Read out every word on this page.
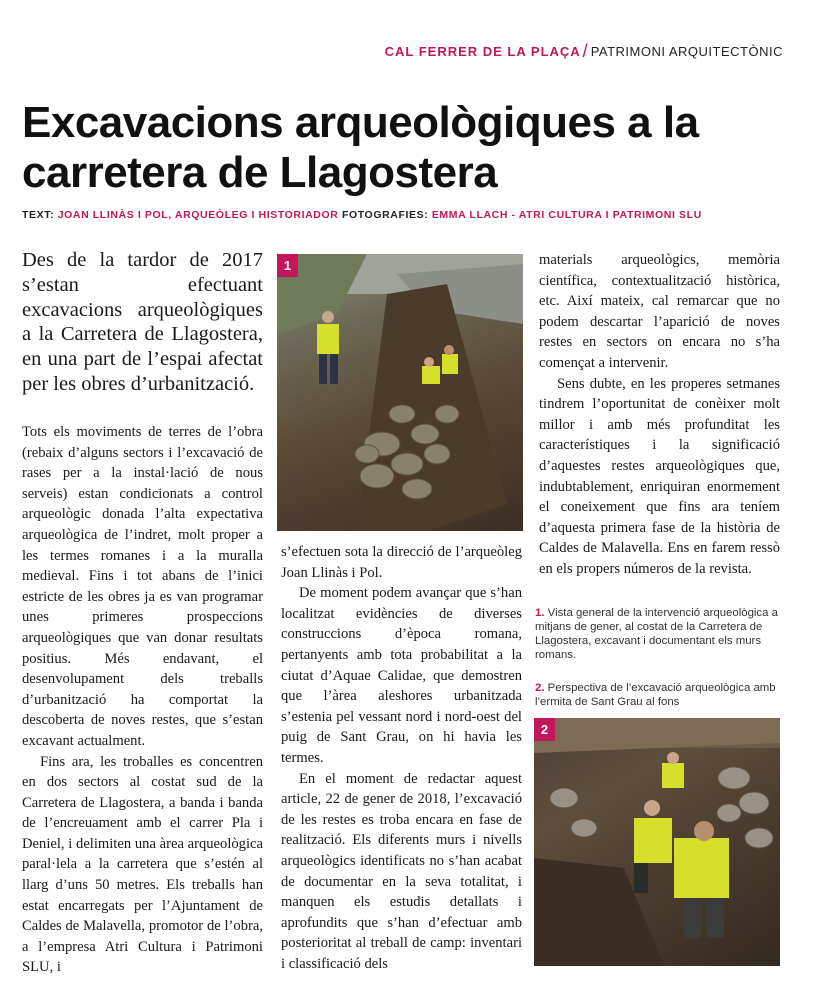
CAL FERRER DE LA PLAÇA / PATRIMONI ARQUITECTÒNIC
Excavacions arqueològiques a la carretera de Llagostera
TEXT: JOAN LLINÀS I POL, ARQUEÒLEG I HISTORIADOR FOTOGRAFIES: EMMA LLACH - ATRI CULTURA I PATRIMONI SLU

Des de la tardor de 2017 s’estan efectuant excavacions arqueològiques a la Carretera de Llagostera, en una part de l’espai afectat per les obres d’urbanització.

Tots els moviments de terres de l’obra (rebaix d’alguns sectors i l’excavació de rases per a la instal·lació de nous serveis) estan condicionats a control arqueològic donada l’alta expectativa arqueològica de l’indret, molt proper a les termes romanes i a la muralla medieval. Fins i tot abans de l’inici estricte de les obres ja es van programar unes primeres prospeccions arqueològiques que van donar resultats positius. Més endavant, el desenvolupament dels treballs d’urbanització ha comportat la descoberta de noves restes, que s’estan excavant actualment.

Fins ara, les troballes es concentren en dos sectors al costat sud de la Carretera de Llagostera, a banda i banda de l’encreuament amb el carrer Pla i Deniel, i delimiten una àrea arqueològica paral·lela a la carretera que s’estén al llarg d’uns 50 metres. Els treballs han estat encarregats per l’Ajuntament de Caldes de Malavella, promotor de l’obra, a l’empresa Atri Cultura i Patrimoni SLU, i

1

s’efectuen sota la direcció de l’arqueòleg Joan Llinàs i Pol.

De moment podem avançar que s’han localitzat evidències de diverses construccions d’època romana, pertanyents amb tota probabilitat a la ciutat d’Aquae Calidae, que demostren que l’àrea aleshores urbanitzada s’estenia pel vessant nord i nord-oest del puig de Sant Grau, on hi havia les termes.

En el moment de redactar aquest article, 22 de gener de 2018, l’excavació de les restes es troba encara en fase de realització. Els diferents murs i nivells arqueològics identificats no s’han acabat de documentar en la seva totalitat, i manquen els estudis detallats i aprofundits que s’han d’efectuar amb posterioritat al treball de camp: inventari i classificació dels

materials arqueològics, memòria científica, contextualització històrica, etc. Així mateix, cal remarcar que no podem descartar l’aparició de noves restes en sectors on encara no s’ha començat a intervenir.

Sens dubte, en les properes setmanes tindrem l’oportunitat de conèixer molt millor i amb més profunditat les característiques i la significació d’aquestes restes arqueològiques que, indubtablement, enriquiran enormement el coneixement que fins ara teníem d’aquesta primera fase de la història de Caldes de Malavella. Ens en farem ressò en els propers números de la revista.

1. Vista general de la intervenció arqueològica a mitjans de gener, al costat de la Carretera de Llagostera, excavant i documentant els murs romans.
2. Perspectiva de l’excavació arqueològica amb l’ermita de Sant Grau al fons
2
